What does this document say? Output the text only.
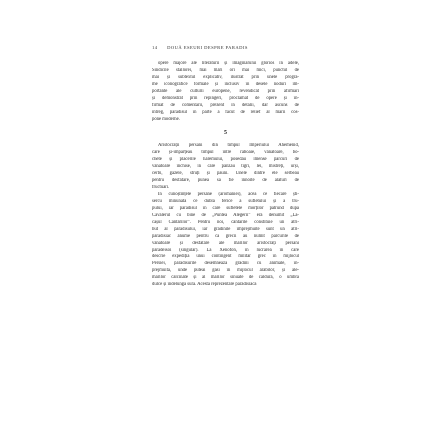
14 DOUĂ ESEURI DESPRE PARADIS
opere majore ale literaturii și imaginarului glorios în adele,
Sindicile stallorei, mai mari ori mai mici, punctul de
mai și subtextul explicativ, ilustrat prin unele progra-
me iconografice formale și inclusiv în desele noduri im-
portante ale culturii europene, revendicat prin afirmări
și demonstrat prin repingeri, proclamat de opere și în-
firmat de comentarii, prezent în detalii, dar ascuns de
întreg, paradisul în parte a făcut de relief al mării cos-
pone moderne.
5
Aristocrații persani din timpul Imperiului Ahemenid,
care și-împărțeau timpul între răboaie, vânătoare, bo-
chete și plăcerile haremului, posedau imense parcuri de
vânătoare închise, în care pânzau tigri, lei, mistreți, urși,
cerbi, gazele, struți și păuni. Unele dintre ele serbeau
pentru desfătare, punea să fie înnoite de alături de
fructuari.
În cunoștințele persane (aromaniei), acea ce fiecare ști-
sercu minunată ce dublă ferice a sufletului și a tru-
pului, iar paradisul în care sufletele morților pătrund după
Cavalerul cu bine de „Puntea Alegerii” era denumit „Lă-
cașul Cântărilor”. Pentru noi, cântările constituie un atri-
but al paradisului, iar grădinile împrejmuite sunt un atri-
paradisiac anume pentru că grecii au numit parcurile de
vânătoare și desfătare ale mărilor aristocrați persani
paradeisoi (singular). La Xenofon, în lucrarea în care
descrie expediția unui contingent militar grec în mijlocul
Persiei, paradisurile desemnează grădini cu animale, în-
prejmuită, unde puteai găsi în mijlocul arabilor, și ale-
mărilor călcinate și al mărilor sinuate de căldură, o umbră
dulce și îndelungă sură. Acestă reprezentare paradisiacă
